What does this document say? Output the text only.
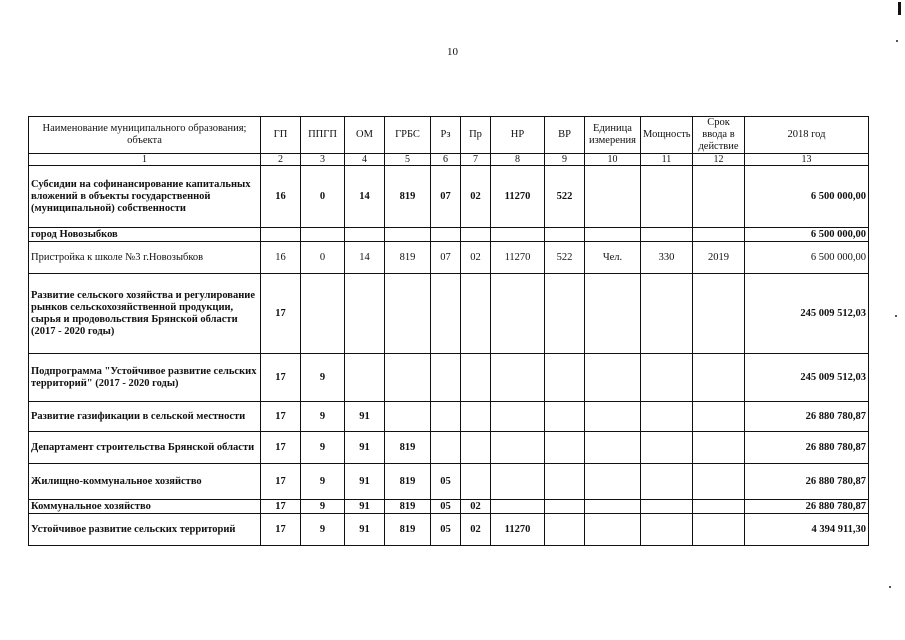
10
Наименование муниципального образования; объекта	ГП	ППГП	ОМ	ГРБС	Рз	Пр	НР	ВР	Единица измерения	Мощность	Срок ввода в действие	2018 год
1	2	3	4	5	6	7	8	9	10	11	12	13
Субсидии на софинансирование капитальных вложений в объекты государственной (муниципальной) собственности	16	0	14	819	07	02	11270	522				6 500 000,00
город Новозыбков												6 500 000,00
Пристройка к школе №3 г.Новозыбков	16	0	14	819	07	02	11270	522	Чел.	330	2019	6 500 000,00
Развитие сельского хозяйства и регулирование рынков сельскохозяйственной продукции, сырья и продовольствия Брянской области (2017 - 2020 годы)	17											245 009 512,03
Подпрограмма "Устойчивое развитие сельских территорий" (2017 - 2020 годы)	17	9										245 009 512,03
Развитие газификации в сельской местности	17	9	91									26 880 780,87
Департамент строительства Брянской области	17	9	91	819								26 880 780,87
Жилищно-коммунальное хозяйство	17	9	91	819	05							26 880 780,87
Коммунальное хозяйство	17	9	91	819	05	02						26 880 780,87
Устойчивое развитие сельских территорий	17	9	91	819	05	02	11270					4 394 911,30
